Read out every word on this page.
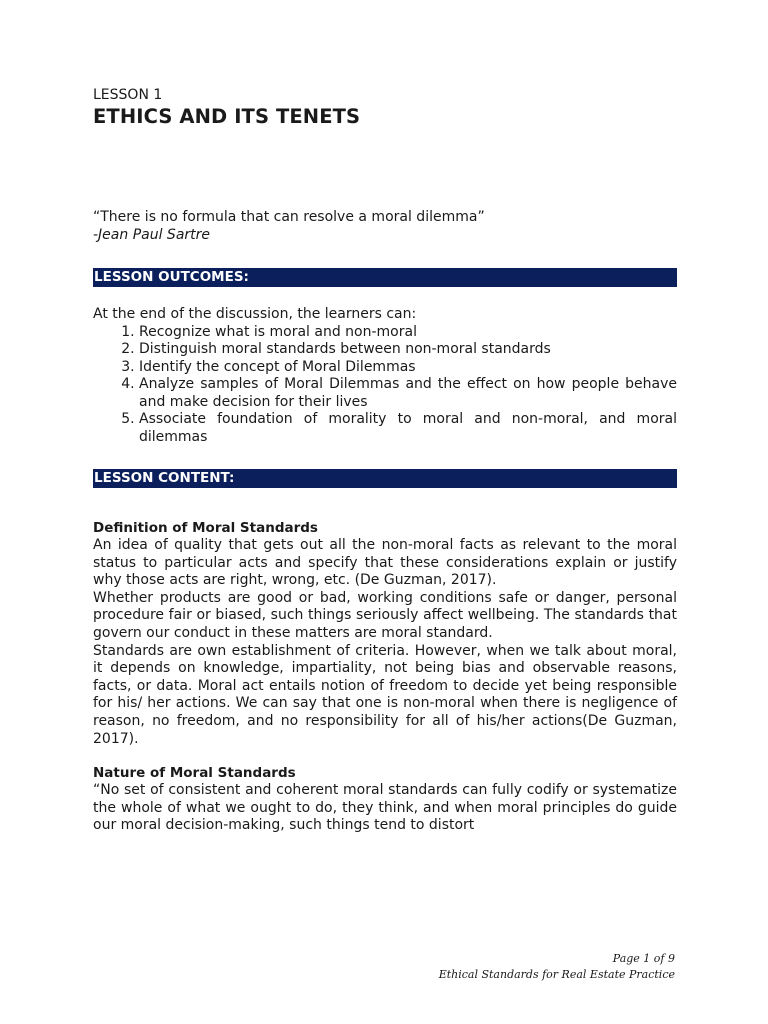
LESSON 1
ETHICS AND ITS TENETS
“There is no formula that can resolve a moral dilemma”
-Jean Paul Sartre
LESSON OUTCOMES:
At the end of the discussion, the learners can:
1. Recognize what is moral and non-moral
2. Distinguish moral standards between non-moral standards
3. Identify the concept of Moral Dilemmas
4. Analyze samples of Moral Dilemmas and the effect on how people behave and make decision for their lives
5. Associate foundation of morality to moral and non-moral, and moral dilemmas
LESSON CONTENT:
Definition of Moral Standards

An idea of quality that gets out all the non-moral facts as relevant to the moral status to particular acts and specify that these considerations explain or justify why those acts are right, wrong, etc. (De Guzman, 2017).

Whether products are good or bad, working conditions safe or danger, personal procedure fair or biased, such things seriously affect wellbeing. The standards that govern our conduct in these matters are moral standard.

Standards are own establishment of criteria. However, when we talk about moral, it depends on knowledge, impartiality, not being bias and observable reasons, facts, or data. Moral act entails notion of freedom to decide yet being responsible for his/ her actions. We can say that one is non-moral when there is negligence of reason, no freedom, and no responsibility for all of his/her actions(De Guzman, 2017).

Nature of Moral Standards

“No set of consistent and coherent moral standards can fully codify or systematize the whole of what we ought to do, they think, and when moral principles do guide our moral decision-making, such things tend to distort

Page 1 of 9
Ethical Standards for Real Estate Practice
